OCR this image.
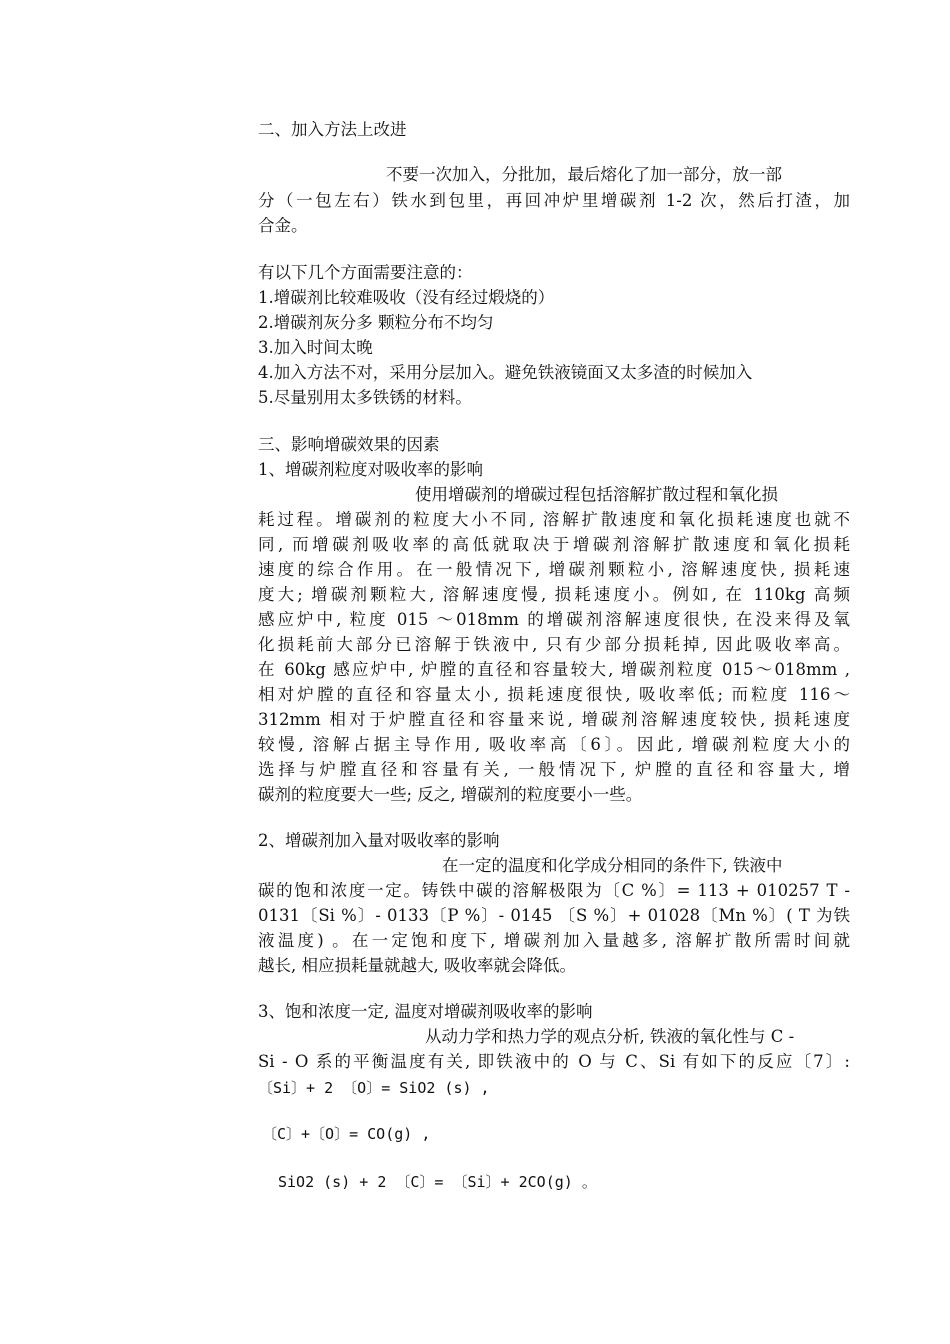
二、加入方法上改进
不要一次加入，分批加，最后熔化了加一部分，放一部
分（一包左右）铁水到包里，再回冲炉里增碳剂 1-2 次，然后打渣，加
合金。
有以下几个方面需要注意的：
1.增碳剂比较难吸收（没有经过煅烧的）
2.增碳剂灰分多 颗粒分布不均匀
3.加入时间太晚
4.加入方法不对，采用分层加入。避免铁液镜面又太多渣的时候加入
5.尽量别用太多铁锈的材料。
三、影响增碳效果的因素
1、增碳剂粒度对吸收率的影响
使用增碳剂的增碳过程包括溶解扩散过程和氧化损
耗过程。增碳剂的粒度大小不同, 溶解扩散速度和氧化损耗速度也就不
同, 而增碳剂吸收率的高低就取决于增碳剂溶解扩散速度和氧化损耗
速度的综合作用。在一般情况下, 增碳剂颗粒小, 溶解速度快, 损耗速
度大; 增碳剂颗粒大, 溶解速度慢, 损耗速度小。例如, 在 110kg 高频
感应炉中, 粒度 015 ～018mm 的增碳剂溶解速度很快, 在没来得及氧
化损耗前大部分已溶解于铁液中, 只有少部分损耗掉, 因此吸收率高。
在 60kg 感应炉中, 炉膛的直径和容量较大, 增碳剂粒度 015～018mm ,
相对炉膛的直径和容量太小, 损耗速度很快, 吸收率低; 而粒度 116～
312mm 相对于炉膛直径和容量来说, 增碳剂溶解速度较快, 损耗速度
较慢, 溶解占据主导作用, 吸收率高〔6〕。因此, 增碳剂粒度大小的
选择与炉膛直径和容量有关, 一般情况下, 炉膛的直径和容量大, 增
碳剂的粒度要大一些; 反之, 增碳剂的粒度要小一些。
2、增碳剂加入量对吸收率的影响
在一定的温度和化学成分相同的条件下, 铁液中
碳的饱和浓度一定。铸铁中碳的溶解极限为〔C %〕= 113 + 010257 T -
0131〔Si %〕- 0133〔P %〕- 0145 〔S %〕+ 01028〔Mn %〕( T 为铁
液温度) 。在一定饱和度下, 增碳剂加入量越多, 溶解扩散所需时间就
越长, 相应损耗量就越大, 吸收率就会降低。
3、饱和浓度一定, 温度对增碳剂吸收率的影响
从动力学和热力学的观点分析, 铁液的氧化性与 C -
Si - O 系的平衡温度有关, 即铁液中的 O 与 C、Si 有如下的反应〔7〕:
〔Si〕+ 2 〔O〕= SiO2 (s) ,
〔C〕+〔O〕= CO(g) ,
SiO2 (s) + 2 〔C〕= 〔Si〕+ 2CO(g) 。
